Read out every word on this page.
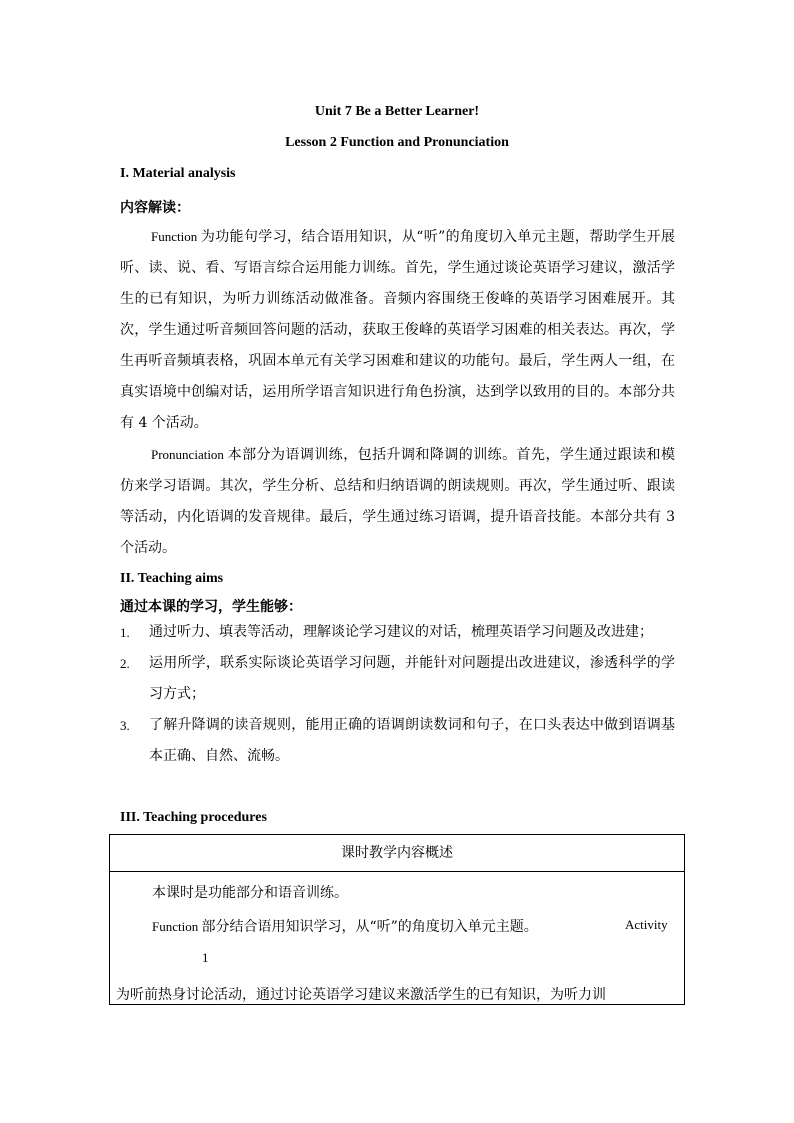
Unit 7 Be a Better Learner!
Lesson 2 Function and Pronunciation
I. Material analysis
内容解读：

Function 为功能句学习，结合语用知识，从“听”的角度切入单元主题，帮助学生开展听、读、说、看、写语言综合运用能力训练。首先，学生通过谈论英语学习建议，激活学生的已有知识，为听力训练活动做准备。音频内容围绕王俊峰的英语学习困难展开。其次，学生通过听音频回答问题的活动，获取王俊峰的英语学习困难的相关表达。再次，学生再听音频填表格，巩固本单元有关学习困难和建议的功能句。最后，学生两人一组，在真实语境中创编对话，运用所学语言知识进行角色扮演，达到学以致用的目的。本部分共有 4 个活动。

Pronunciation 本部分为语调训练，包括升调和降调的训练。首先，学生通过跟读和模仿来学习语调。其次，学生分析、总结和归纳语调的朗读规则。再次，学生通过听、跟读等活动，内化语调的发音规律。最后，学生通过练习语调，提升语音技能。本部分共有 3 个活动。

II. Teaching aims
通过本课的学习，学生能够：
1. 通过听力、填表等活动，理解谈论学习建议的对话，梳理英语学习问题及改进建；
2. 运用所学，联系实际谈论英语学习问题，并能针对问题提出改进建议，渗透科学的学习方式；
3. 了解升降调的读音规则，能用正确的语调朗读数词和句子，在口头表达中做到语调基本正确、自然、流畅。
III. Teaching procedures
课时教学内容概述
本课时是功能部分和语音训练。
Function 部分结合语用知识学习，从“听”的角度切入单元主题。	Activity
1
为听前热身讨论活动，通过讨论英语学习建议来激活学生的已有知识，为听力训
